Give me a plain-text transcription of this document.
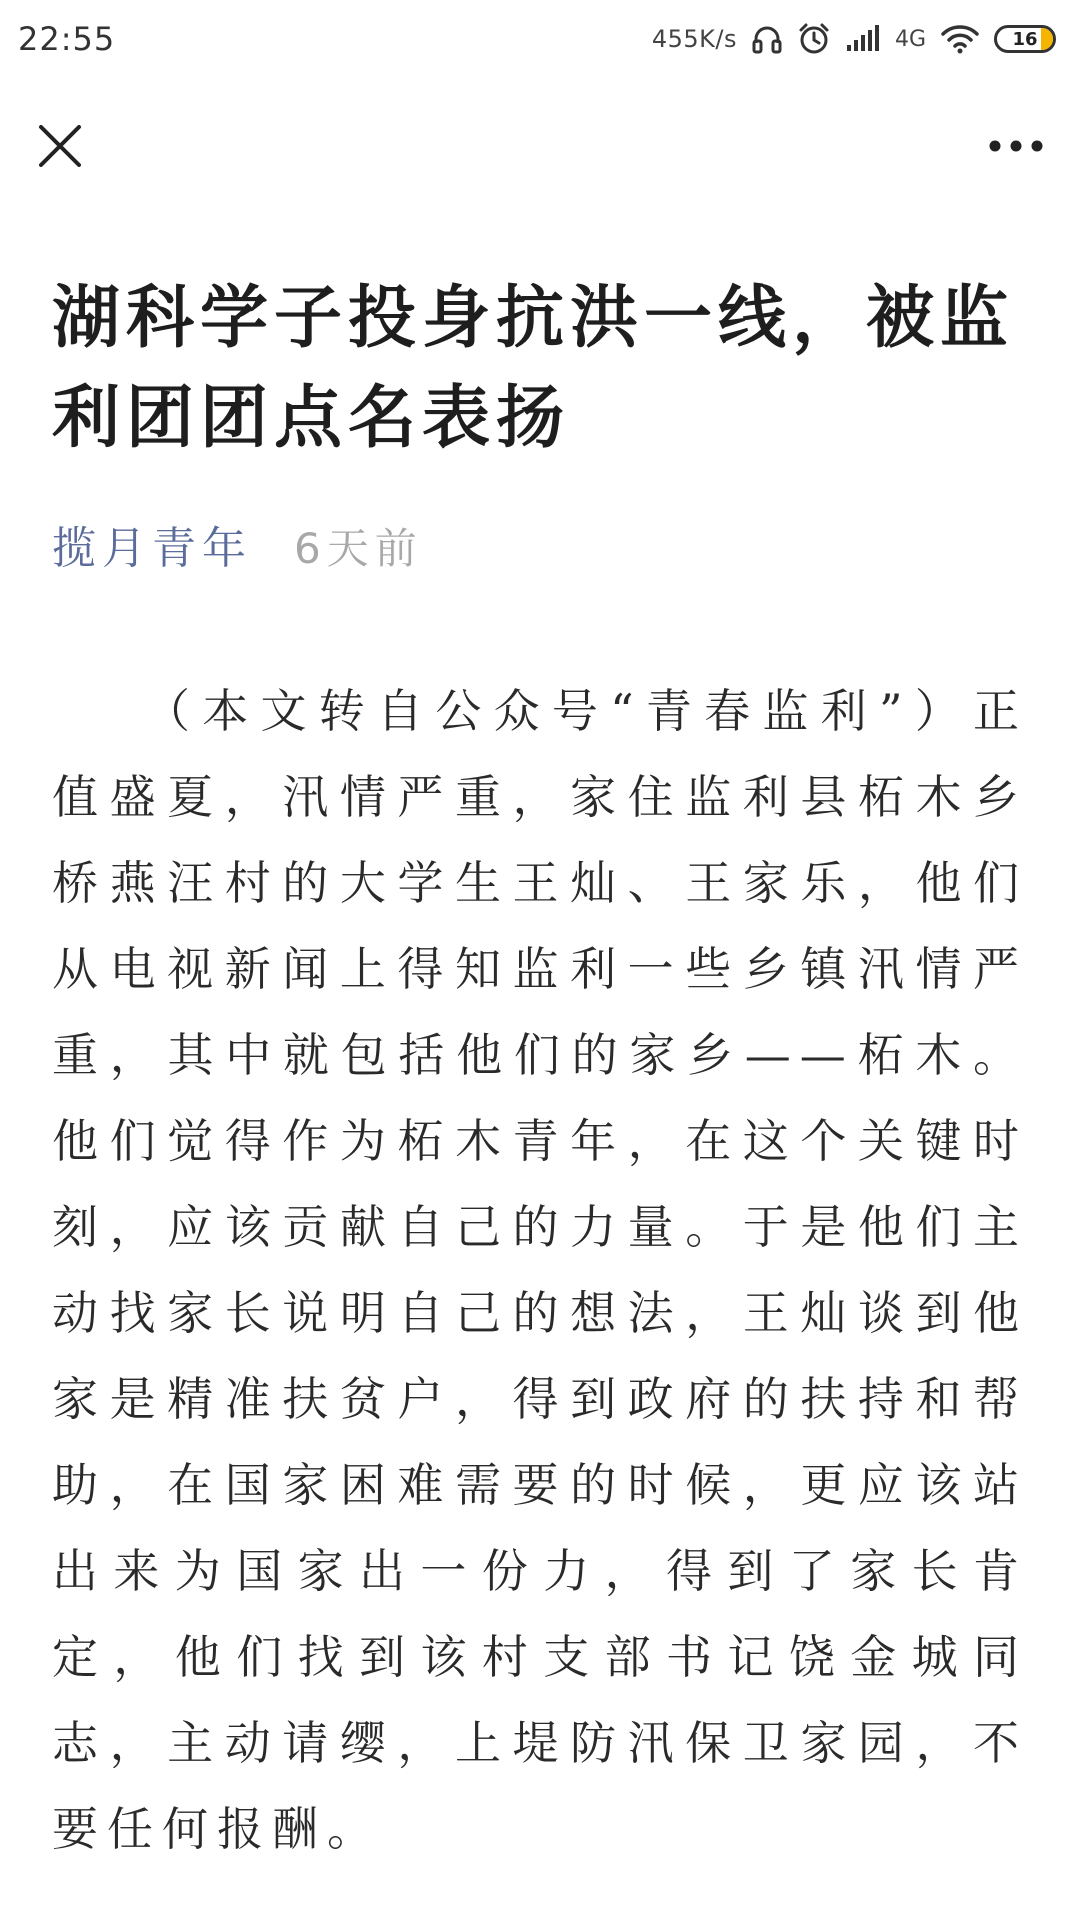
22:55	455K/s	4G	16
湖科学子投身抗洪一线，被监利团团点名表扬
揽月青年 6天前

（本文转自公众号“青春监利”）正值盛夏，汛情严重，家住监利县柘木乡桥燕汪村的大学生王灿、王家乐，他们从电视新闻上得知监利一些乡镇汛情严重，其中就包括他们的家乡——柘木。他们觉得作为柘木青年，在这个关键时刻，应该贡献自己的力量。于是他们主动找家长说明自己的想法，王灿谈到他家是精准扶贫户，得到政府的扶持和帮助，在国家困难需要的时候，更应该站出来为国家出一份力，得到了家长肯定，他们找到该村支部书记饶金城同志，主动请缨，上堤防汛保卫家园，不要任何报酬。
